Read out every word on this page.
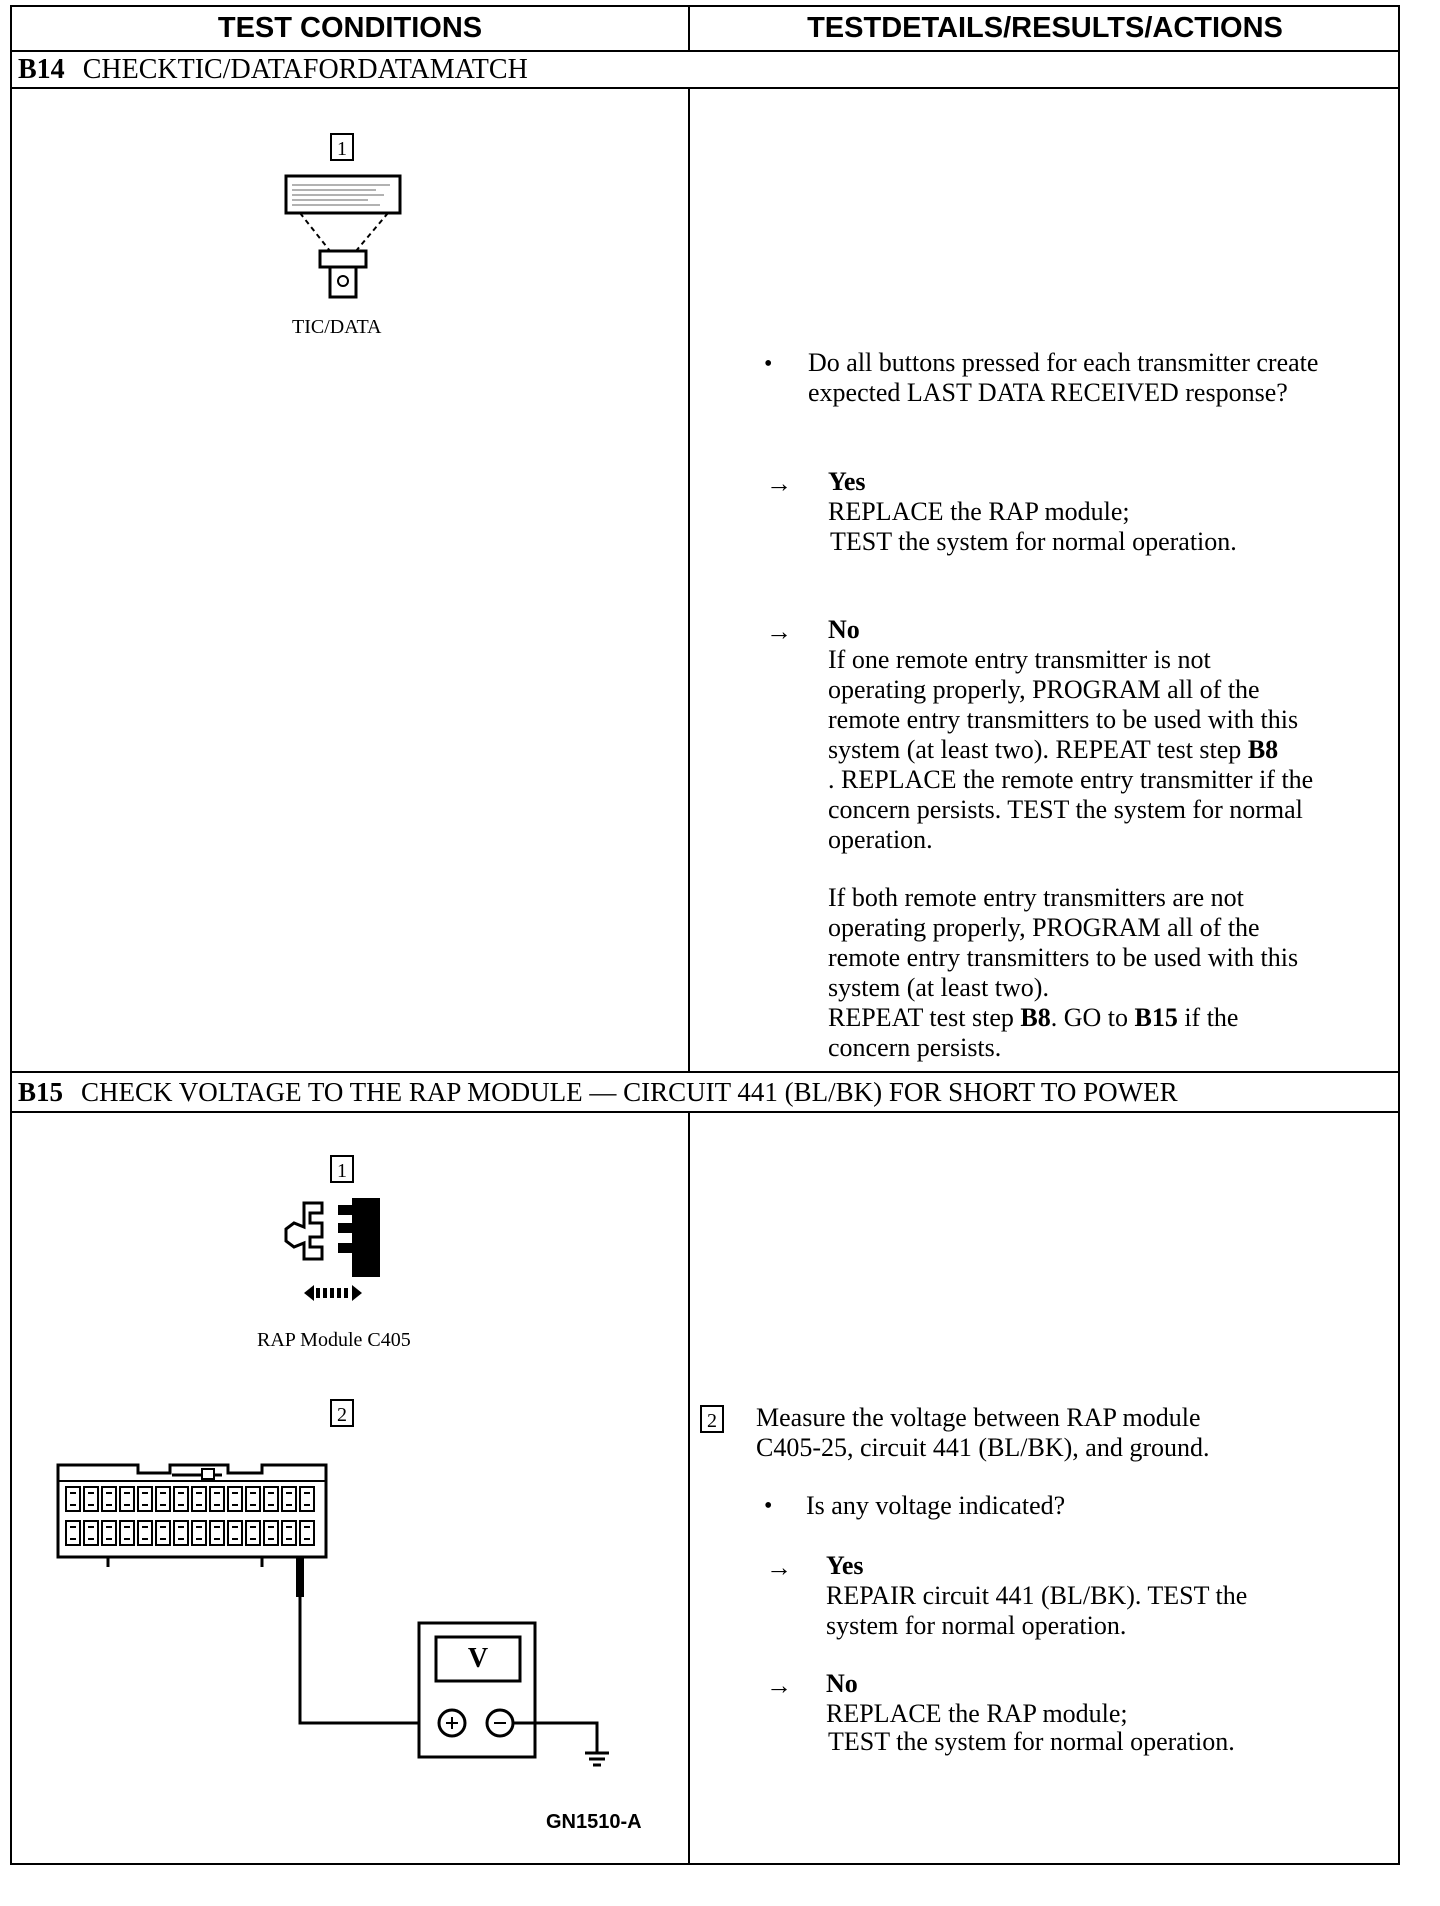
TEST CONDITIONS	TESTDETAILS/RESULTS/ACTIONS
B14 CHECKTIC/DATAFORDATAMATCH
1
TIC/DATA
• Do all buttons pressed for each transmitter create expected LAST DATA RECEIVED response?
→ Yes
REPLACE the RAP module;
TEST the system for normal operation.
→ No
If one remote entry transmitter is not
operating properly, PROGRAM all of the
remote entry transmitters to be used with this
system (at least two). REPEAT test step B8
. REPLACE the remote entry transmitter if the
concern persists. TEST the system for normal
operation.
If both remote entry transmitters are not
operating properly, PROGRAM all of the
remote entry transmitters to be used with this
system (at least two).
REPEAT test step B8. GO to B15 if the
concern persists.
B15 CHECK VOLTAGE TO THE RAP MODULE — CIRCUIT 441 (BL/BK) FOR SHORT TO POWER
1
RAP Module C405
2
V
GN1510-A
2 Measure the voltage between RAP module
C405-25, circuit 441 (BL/BK), and ground.
• Is any voltage indicated?
→ Yes
REPAIR circuit 441 (BL/BK). TEST the
system for normal operation.
→ No
REPLACE the RAP module;
TEST the system for normal operation.
